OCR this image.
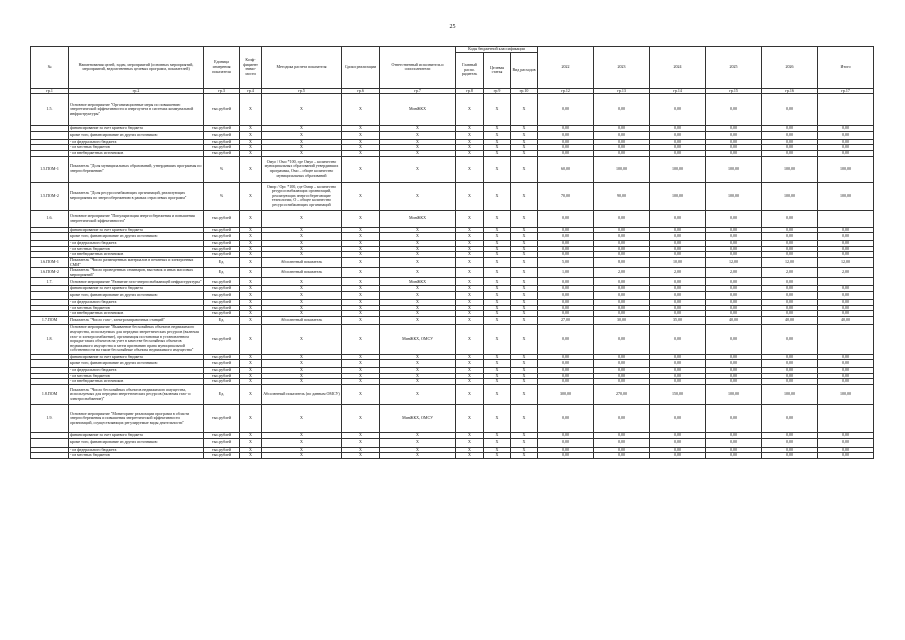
25
№	Наименования целей, задач, мероприятий (основных мероприятий, мероприятий, ведомственных целевых программ, показателей)	Единица измерения показателя	Коэф-фициент значи-мости	Методика расчета показателя	Сроки реализации	Ответственный исполнитель и соисполнители	Коды бюджетной классификации			2022	2023	2024	2025	2026	Итого
							Главный распо. рядитель	Целевая статья	Вид расходов						
гр.1	гр.2	гр.3	гр.4	гр.5	гр.6	гр.7	гр.8	гр.9	гр.10	гр.12	гр.13	гр.14	гр.15	гр.16	гр.17
1.5.	Основное мероприятие "Организационные меры по повышению энергетической эффективности и энергоучета в системах коммунальной инфраструктуры"	тыс.рублей	X	X	X	МинЖКХ	X	X	X	0,00	0,00	0,00	0,00	0,00	
	финансирование за счет краевого бюджета	тыс.рублей	X	X	X	X	X	X	X	0,00	0,00	0,00	0,00	0,00	0,00
	кроме того, финансирование из других источников:	тыс.рублей	X	X	X	X	X	X	X	0,00	0,00	0,00	0,00	0,00	0,00
	- из федерального бюджета	тыс.рублей	X	X	X	X	X	X	X	0,00	0,00	0,00	0,00	0,00	0,00
	- из местных бюджетов	тыс.рублей	X	X	X	X	X	X	X	0,00	0,00	0,00	0,00	0,00	0,00
	- из внебюджетных источников	тыс.рублей	X	X	X	X	X	X	X	0,00	0,00	0,00	0,00	0,00	0,00
1.5.ПОМ-1	Показатель "Доля муниципальных образований, утвердивших программы по энергосбережению"	%	X	Омуо / Омо *100, где Омуо – количество муниципальных образований утвердивших программы, Омо – общее количество муниципальных образований	X	X	X	X	X	60,00	100,00	100,00	100,00	100,00	100,00
1.5.ПОМ-2	Показатель "Доля ресурсоснабжающих организаций, реализующих мероприятия по энергосбережению в рамках отраслевых программ"	%	X	Омпр / Орс *100, где Омпр – количество ресурсоснабжающих организаций, реализующих энергосберегающие технологии, О – общее количество ресурсоснабжающих организаций	X	X	X	X	X	70,00	90,00	100,00	100,00	100,00	100,00
1.6.	Основное мероприятие "Популяризация энергосбережения и повышения энергетической эффективности"	тыс.рублей	X	X	X	МинЖКХ	X	X	X	0,00	0,00	0,00	0,00	0,00	
	финансирование за счет краевого бюджета	тыс.рублей	X	X	X	X	X	X	X	0,00	0,00	0,00	0,00	0,00	0,00
	кроме того, финансирование из других источников:	тыс.рублей	X	X	X	X	X	X	X	0,00	0,00	0,00	0,00	0,00	0,00
	- из федерального бюджета	тыс.рублей	X	X	X	X	X	X	X	0,00	0,00	0,00	0,00	0,00	0,00
	- из местных бюджетов	тыс.рублей	X	X	X	X	X	X	X	0,00	0,00	0,00	0,00	0,00	0,00
	- из внебюджетных источников	тыс.рублей	X	X	X	X	X	X	X	0,00	0,00	0,00	0,00	0,00	0,00
1.6.ПОМ-1	Показатель "Число размещенных материалов в печатных и электронных СМИ"	Ед.	X	Абсолютный показатель	X	X	X	X	X	5,00	8,00	10,00	12,00	12,00	12,00
1.6.ПОМ-2	Показатель "Число проведенных семинаров, выставок и иных массовых мероприятий"	Ед.	X	Абсолютный показатель	X	X	X	X	X	1,00	2,00	2,00	2,00	2,00	2,00
1.7.	Основное мероприятие "Развитие газо-энергоснабжающей инфраструктуры"	тыс.рублей	X	X	X	МинЖКХ	X	X	X	0,00	0,00	0,00	0,00	0,00	
	финансирование за счет краевого бюджета	тыс.рублей	X	X	X	X	X	X	X	0,00	0,00	0,00	0,00	0,00	0,00
	кроме того, финансирование из других источников:	тыс.рублей	X	X	X	X	X	X	X	0,00	0,00	0,00	0,00	0,00	0,00
	- из федерального бюджета	тыс.рублей	X	X	X	X	X	X	X	0,00	0,00	0,00	0,00	0,00	0,00
	- из местных бюджетов	тыс.рублей	X	X	X	X	X	X	X	0,00	0,00	0,00	0,00	0,00	0,00
	- из внебюджетных источников	тыс.рублей	X	X	X	X	X	X	X	0,00	0,00	0,00	0,00	0,00	0,00
1.7.ПОМ	Показатель "Число газо-, электрозаправочных станций"	Ед.	X	Абсолютный показатель	X	X	X	X	X	27,00	30,00	35,00	40,00	40,00	40,00
1.8.	Основное мероприятие "Выявление бесхозяйных объектов недвижимого имущества, используемых для передачи энергетических ресурсов (включая газо- и электроснабжение), организация постановки в установленном порядке таких объектов на учет в качестве бесхозяйных объектов недвижимого имущества и затем признанию права муниципальной собственности на такие бесхозяйные объекты недвижимого имущества"	тыс.рублей	X	X	X	МинЖКХ, ОМСУ	X	X	X	0,00	0,00	0,00	0,00	0,00	
	финансирование за счет краевого бюджета	тыс.рублей	X	X	X	X	X	X	X	0,00	0,00	0,00	0,00	0,00	0,00
	кроме того, финансирование из других источников:	тыс.рублей	X	X	X	X	X	X	X	0,00	0,00	0,00	0,00	0,00	0,00
	- из федерального бюджета	тыс.рублей	X	X	X	X	X	X	X	0,00	0,00	0,00	0,00	0,00	0,00
	- из местных бюджетов	тыс.рублей	X	X	X	X	X	X	X	0,00	0,00	0,00	0,00	0,00	0,00
	- из внебюджетных источников	тыс.рублей	X	X	X	X	X	X	X	0,00	0,00	0,00	0,00	0,00	0,00
1.8.ПОМ	Показатель "Число бесхозяйных объектов недвижимого имущества, используемых для передачи энергетических ресурсов (включая газо- и электроснабжение)"	Ед.	X	Абсолютный показатель (по данным ОМСУ)	X	X	X	X	X	300,00	270,00	150,00	100,00	100,00	100,00
1.9.	Основное мероприятие "Мониторинг реализации программ в области энергосбережения и повышения энергетической эффективности организаций, осуществляющих регулируемые виды деятельности"	тыс.рублей	X	X	X	МинЖКХ, ОМСУ	X	X	X	0,00	0,00	0,00	0,00	0,00	
	финансирование за счет краевого бюджета	тыс.рублей	X	X	X	X	X	X	X	0,00	0,00	0,00	0,00	0,00	0,00
	кроме того, финансирование из других источников:	тыс.рублей	X	X	X	X	X	X	X	0,00	0,00	0,00	0,00	0,00	0,00
	- из федерального бюджета	тыс.рублей	X	X	X	X	X	X	X	0,00	0,00	0,00	0,00	0,00	0,00
	- из местных бюджетов	тыс.рублей	X	X	X	X	X	X	X	0,00	0,00	0,00	0,00	0,00	0,00
